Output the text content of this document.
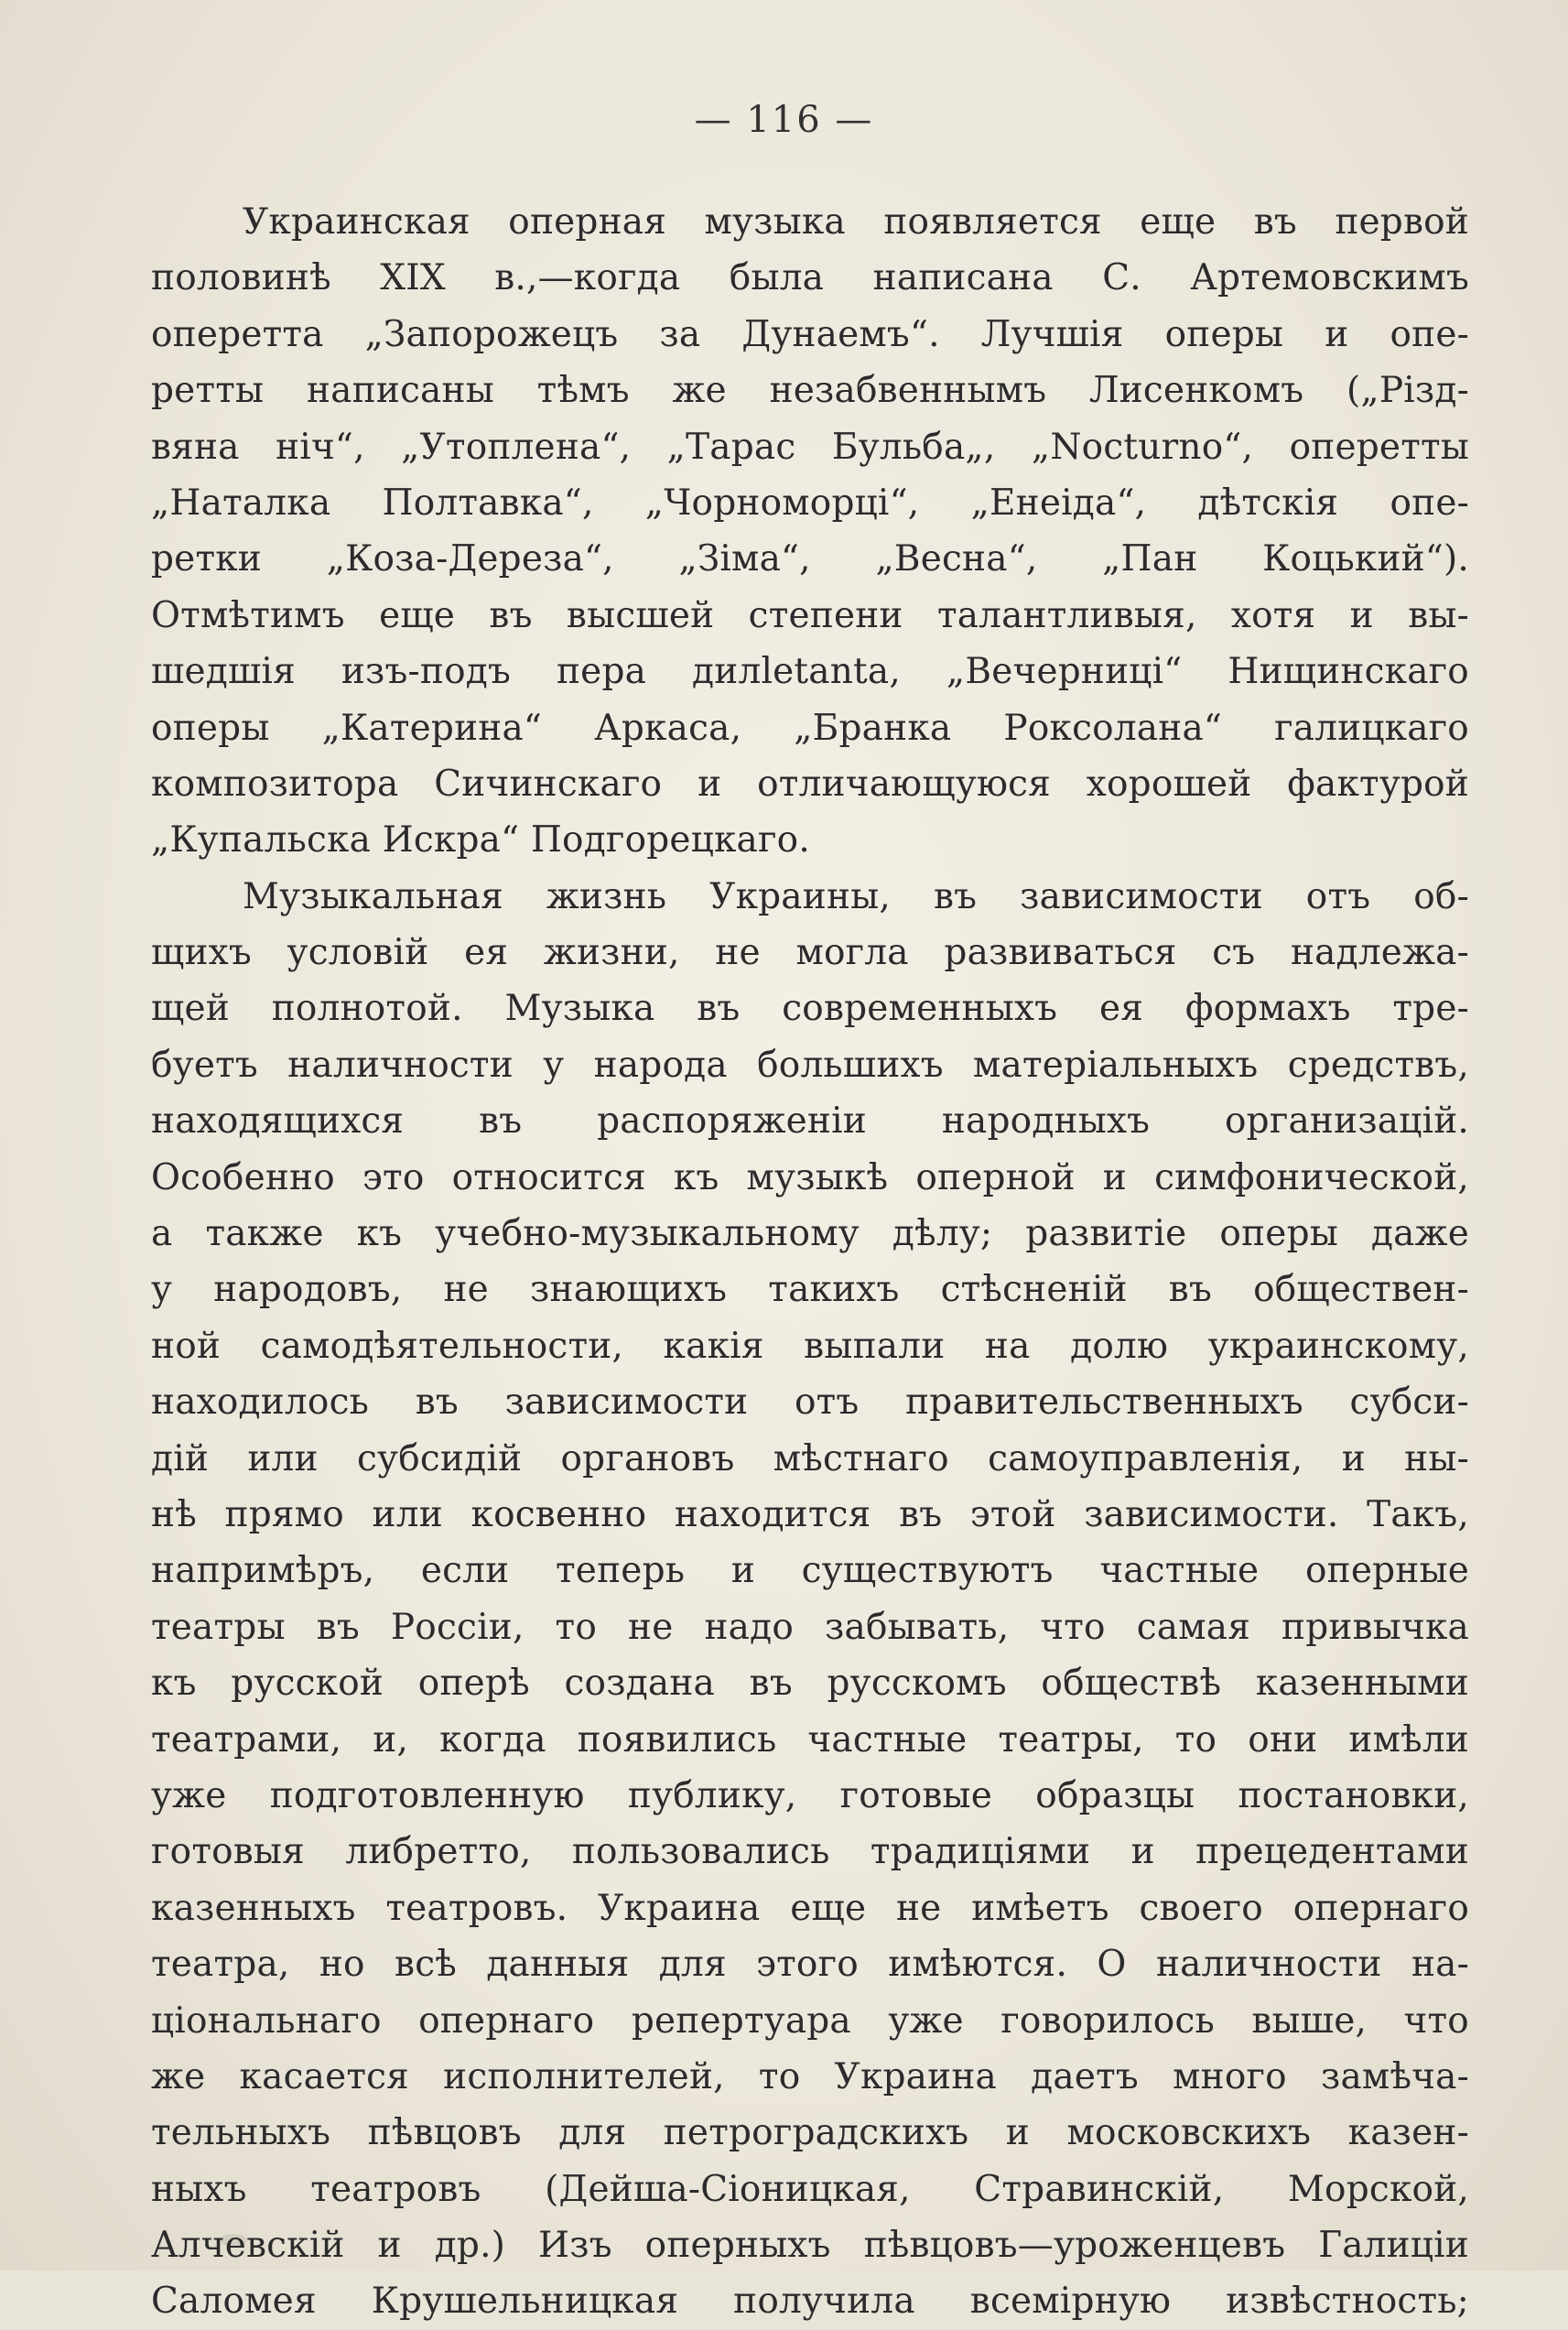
— 116 —
Украинская оперная музыка появляется еще въ первой
половинѣ XIX в.,—когда была написана С. Артемовскимъ
оперетта „Запорожецъ за Дунаемъ“. Лучшія оперы и опе-
ретты написаны тѣмъ же незабвеннымъ Лисенкомъ („Різд-
вяна ніч“, „Утоплена“, „Тарас Бульба„, „Nocturno“, оперетты
„Наталка Полтавка“, „Чорноморці“, „Енеіда“, дѣтскія опе-
ретки „Коза-Дереза“, „Зіма“, „Весна“, „Пан Коцький“).
Отмѣтимъ еще въ высшей степени талантливыя, хотя и вы-
шедшія изъ-подъ пера дилletanta, „Вечерниці“ Нищинскаго
оперы „Катерина“ Аркаса, „Бранка Роксолана“ галицкаго
композитора Сичинскаго и отличающуюся хорошей фактурой
„Купальска Искра“ Подгорецкаго.
Музыкальная жизнь Украины, въ зависимости отъ об-
щихъ условій ея жизни, не могла развиваться съ надлежа-
щей полнотой. Музыка въ современныхъ ея формахъ тре-
буетъ наличности у народа большихъ матеріальныхъ средствъ,
находящихся въ распоряженіи народныхъ организацій.
Особенно это относится къ музыкѣ оперной и симфонической,
а также къ учебно-музыкальному дѣлу; развитіе оперы даже
у народовъ, не знающихъ такихъ стѣсненій въ обществен-
ной самодѣятельности, какія выпали на долю украинскому,
находилось въ зависимости отъ правительственныхъ субси-
дій или субсидій органовъ мѣстнаго самоуправленія, и ны-
нѣ прямо или косвенно находится въ этой зависимости. Такъ,
напримѣръ, если теперь и существуютъ частные оперные
театры въ Россіи, то не надо забывать, что самая привычка
къ русской оперѣ создана въ русскомъ обществѣ казенными
театрами, и, когда появились частные театры, то они имѣли
уже подготовленную публику, готовые образцы постановки,
готовыя либретто, пользовались традиціями и прецедентами
казенныхъ театровъ. Украина еще не имѣетъ своего опернаго
театра, но всѣ данныя для этого имѣются. О наличности на-
ціональнаго опернаго репертуара уже говорилось выше, что
же касается исполнителей, то Украина даетъ много замѣча-
тельныхъ пѣвцовъ для петроградскихъ и московскихъ казен-
ныхъ театровъ (Дейша-Сіоницкая, Стравинскій, Морской,
Алчевскій и др.) Изъ оперныхъ пѣвцовъ—уроженцевъ Галиціи
Саломея Крушельницкая получила всемірную извѣстность;
